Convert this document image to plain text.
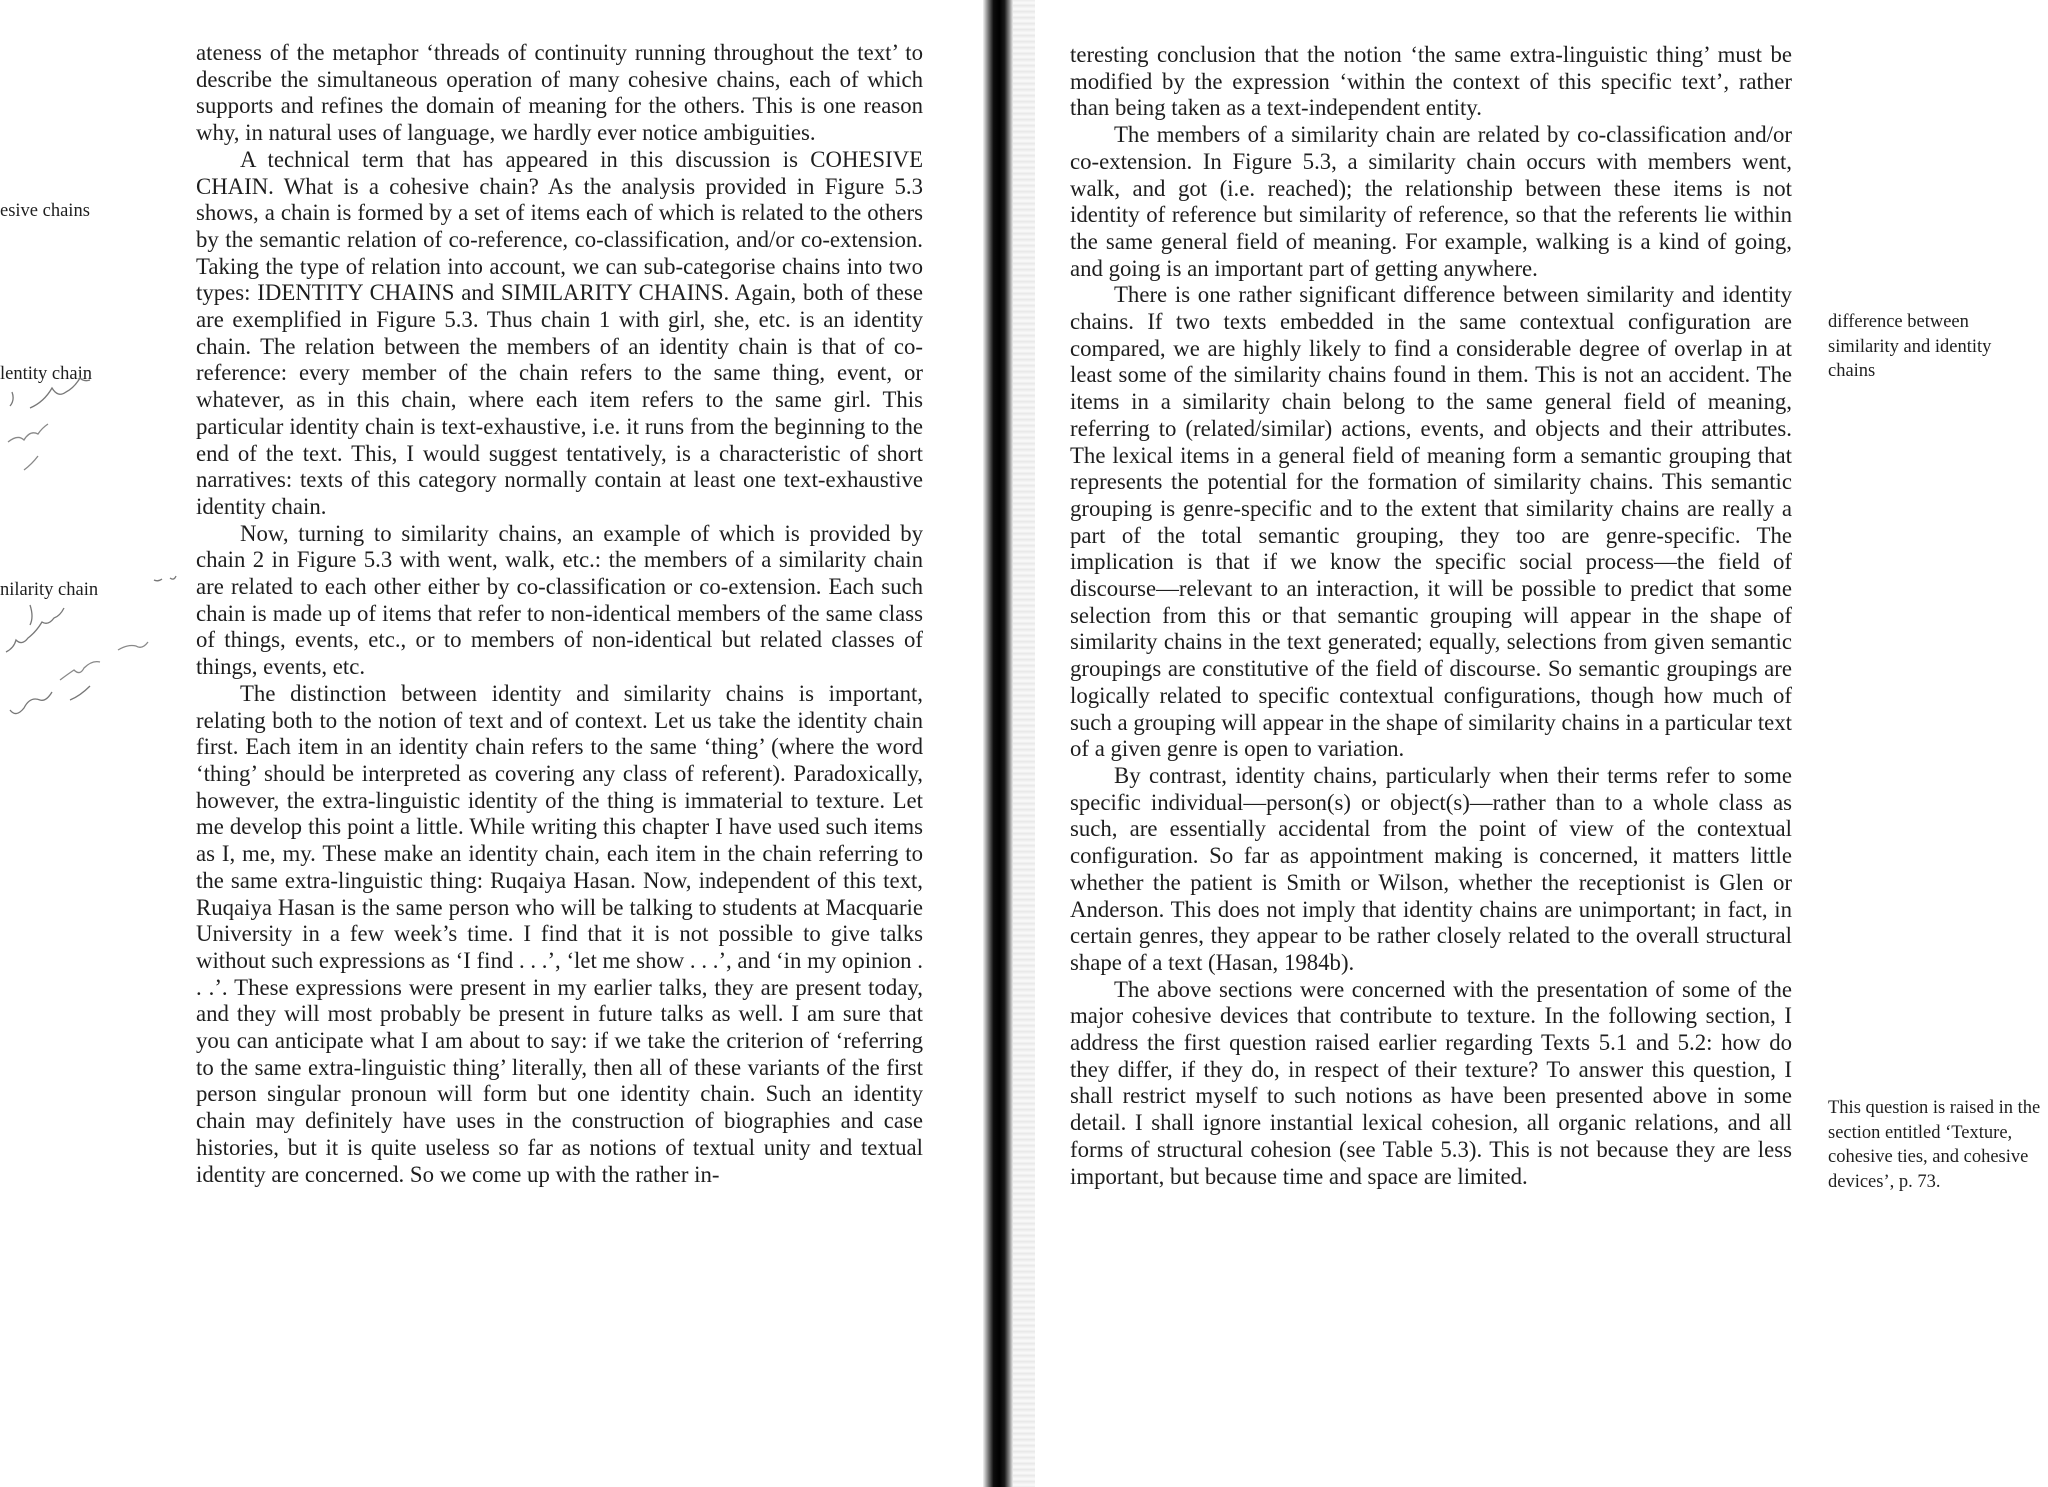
esive chains
lentity chain
nilarity chain

ateness of the metaphor ‘threads of continuity running throughout the text’ to describe the simultaneous operation of many cohesive chains, each of which supports and refines the domain of meaning for the others. This is one reason why, in natural uses of language, we hardly ever notice ambiguities.

A technical term that has appeared in this discussion is COHESIVE CHAIN. What is a cohesive chain? As the analysis provided in Figure 5.3 shows, a chain is formed by a set of items each of which is related to the others by the semantic relation of co-reference, co-classification, and/or co-extension. Taking the type of relation into account, we can sub-categorise chains into two types: IDENTITY CHAINS and SIMILARITY CHAINS. Again, both of these are exemplified in Figure 5.3. Thus chain 1 with girl, she, etc. is an identity chain. The relation between the members of an identity chain is that of co-reference: every member of the chain refers to the same thing, event, or whatever, as in this chain, where each item refers to the same girl. This particular identity chain is text-exhaustive, i.e. it runs from the beginning to the end of the text. This, I would suggest tentatively, is a characteristic of short narratives: texts of this category normally contain at least one text-exhaustive identity chain.

Now, turning to similarity chains, an example of which is provided by chain 2 in Figure 5.3 with went, walk, etc.: the members of a similarity chain are related to each other either by co-classification or co-extension. Each such chain is made up of items that refer to non-identical members of the same class of things, events, etc., or to members of non-identical but related classes of things, events, etc.

The distinction between identity and similarity chains is important, relating both to the notion of text and of context. Let us take the identity chain first. Each item in an identity chain refers to the same ‘thing’ (where the word ‘thing’ should be interpreted as covering any class of referent). Paradoxically, however, the extra-linguistic identity of the thing is immaterial to texture. Let me develop this point a little. While writing this chapter I have used such items as I, me, my. These make an identity chain, each item in the chain referring to the same extra-linguistic thing: Ruqaiya Hasan. Now, independent of this text, Ruqaiya Hasan is the same person who will be talking to students at Macquarie University in a few week’s time. I find that it is not possible to give talks without such expressions as ‘I find . . .’, ‘let me show . . .’, and ‘in my opinion . . .’. These expressions were present in my earlier talks, they are present today, and they will most probably be present in future talks as well. I am sure that you can anticipate what I am about to say: if we take the criterion of ‘referring to the same extra-linguistic thing’ literally, then all of these variants of the first person singular pronoun will form but one identity chain. Such an identity chain may definitely have uses in the construction of biographies and case histories, but it is quite useless so far as notions of textual unity and textual identity are concerned. So we come up with the rather in-

teresting conclusion that the notion ‘the same extra-linguistic thing’ must be modified by the expression ‘within the context of this specific text’, rather than being taken as a text-independent entity.

The members of a similarity chain are related by co-classification and/or co-extension. In Figure 5.3, a similarity chain occurs with members went, walk, and got (i.e. reached); the relationship between these items is not identity of reference but similarity of reference, so that the referents lie within the same general field of meaning. For example, walking is a kind of going, and going is an important part of getting anywhere.

There is one rather significant difference between similarity and identity chains. If two texts embedded in the same contextual configuration are compared, we are highly likely to find a considerable degree of overlap in at least some of the similarity chains found in them. This is not an accident. The items in a similarity chain belong to the same general field of meaning, referring to (related/similar) actions, events, and objects and their attributes. The lexical items in a general field of meaning form a semantic grouping that represents the potential for the formation of similarity chains. This semantic grouping is genre-specific and to the extent that similarity chains are really a part of the total semantic grouping, they too are genre-specific. The implication is that if we know the specific social process—the field of discourse—relevant to an interaction, it will be possible to predict that some selection from this or that semantic grouping will appear in the shape of similarity chains in the text generated; equally, selections from given semantic groupings are constitutive of the field of discourse. So semantic groupings are logically related to specific contextual configurations, though how much of such a grouping will appear in the shape of similarity chains in a particular text of a given genre is open to variation.

By contrast, identity chains, particularly when their terms refer to some specific individual—person(s) or object(s)—rather than to a whole class as such, are essentially accidental from the point of view of the contextual configuration. So far as appointment making is concerned, it matters little whether the patient is Smith or Wilson, whether the receptionist is Glen or Anderson. This does not imply that identity chains are unimportant; in fact, in certain genres, they appear to be rather closely related to the overall structural shape of a text (Hasan, 1984b).

The above sections were concerned with the presentation of some of the major cohesive devices that contribute to texture. In the following section, I address the first question raised earlier regarding Texts 5.1 and 5.2: how do they differ, if they do, in respect of their texture? To answer this question, I shall restrict myself to such notions as have been presented above in some detail. I shall ignore instantial lexical cohesion, all organic relations, and all forms of structural cohesion (see Table 5.3). This is not because they are less important, but because time and space are limited.

difference between similarity and identity chains
This question is raised in the section entitled ‘Texture, cohesive ties, and cohesive devices’, p. 73.
